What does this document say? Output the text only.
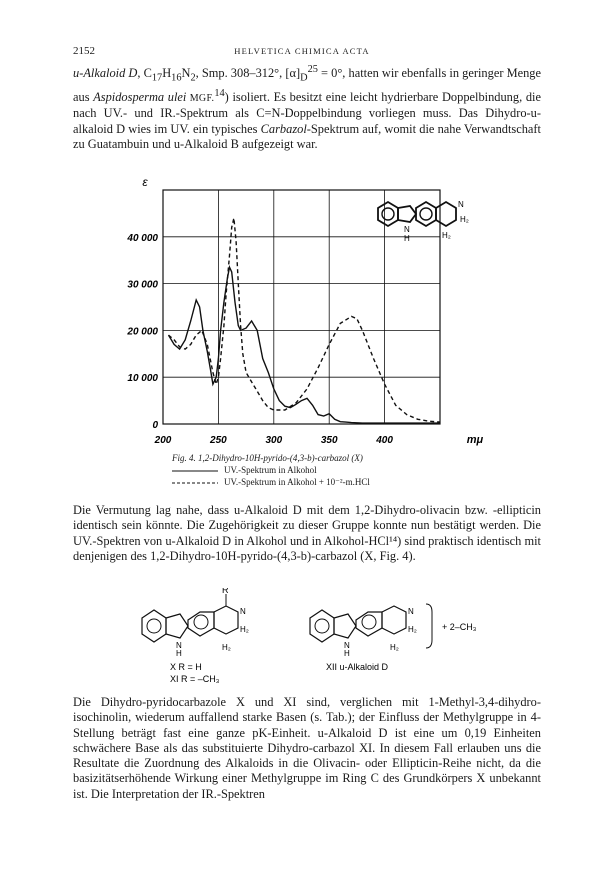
2152	HELVETICA CHIMICA ACTA

u-Alkaloid D, $C_{17}H_{16}N_2$, Smp. 308–312°, $[\alpha]_D^{25} = 0^\circ$, hatten wir ebenfalls in geringer Menge aus Aspidosperma ulei MGF.$^{14}$) isoliert. Es besitzt eine leicht hydrierbare Doppelbindung, die nach UV.- und IR.-Spektrum als C=N-Doppelbindung vorliegen muss. Das Dihydro-u-alkaloid D wies im UV. ein typisches Carbazol-Spektrum auf, womit die nahe Verwandtschaft zu Guatambuin und u-Alkaloid B aufgezeigt war.

200	250	300	350	400
0
10 000
20 000
30 000
40 000
ε
mμ
N
H₂
N
H	H₂
Fig. 4. 1,2-Dihydro-10H-pyrido-(4,3-b)-carbazol (X)
UV.-Spektrum in Alkohol
UV.-Spektrum in Alkohol + 10⁻²-m.HCl

Die Vermutung lag nahe, dass u-Alkaloid D mit dem 1,2-Dihydro-olivacin bzw. -ellipticin identisch sein könnte. Die Zugehörigkeit zu dieser Gruppe konnte nun bestätigt werden. Die UV.-Spektren von u-Alkaloid D in Alkohol und in Alkohol-HCl¹⁴) sind praktisch identisch mit denjenigen des 1,2-Dihydro-10H-pyrido-(4,3-b)-carbazol (X, Fig. 4).

R
N
H₂
N
H
H₂
X R = H
XI R = –CH₃
N
H₂
N
H
H₂
XII u-Alkaloid D
+ 2–CH₃

Die Dihydro-pyridocarbazole X und XI sind, verglichen mit 1-Methyl-3,4-dihydro-isochinolin, wiederum auffallend starke Basen (s. Tab.); der Einfluss der Methylgruppe in 4-Stellung beträgt fast eine ganze pK-Einheit. u-Alkaloid D ist eine um 0,19 Einheiten schwächere Base als das substituierte Dihydro-carbazol XI. In diesem Fall erlauben uns die Resultate die Zuordnung des Alkaloids in die Olivacin- oder Ellipticin-Reihe nicht, da die basizitätserhöhende Wirkung einer Methylgruppe im Ring C des Grundkörpers X unbekannt ist. Die Interpretation der IR.-Spektren
